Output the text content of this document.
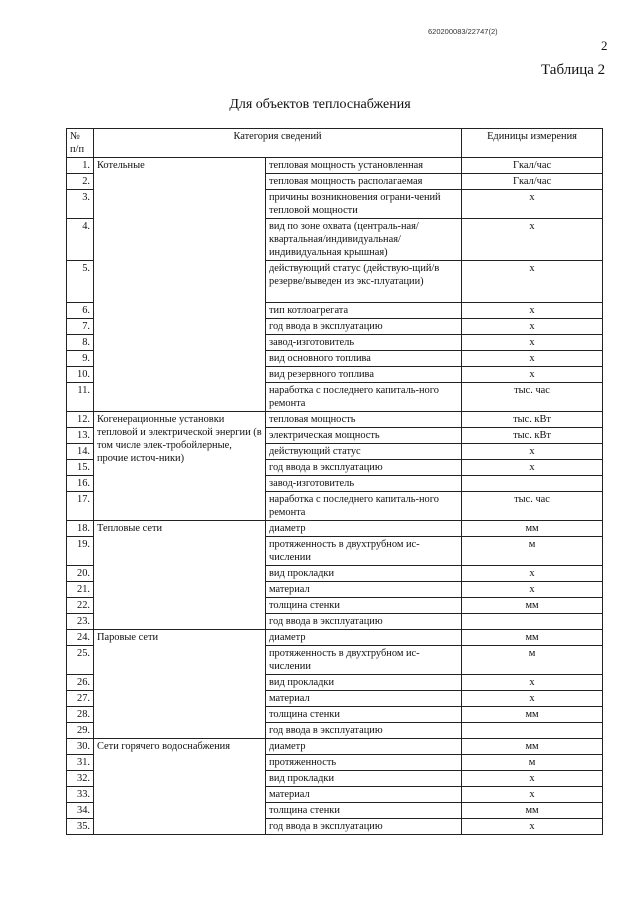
620200083/22747(2)
2
Таблица 2
Для объектов теплоснабжения
№ п/п	Категория сведений		Единицы измерения
1.	Котельные	тепловая мощность установленная	Гкал/час
2.		тепловая мощность располагаемая	Гкал/час
3.		причины возникновения ограни-чений тепловой мощности	х
4.		вид по зоне охвата (централь-ная/квартальная/индивидуальная/индивидуальная крышная)	х
5.		действующий статус (действую-щий/в резерве/выведен из экс-плуатации)	х
6.		тип котлоагрегата	х
7.		год ввода в эксплуатацию	х
8.		завод-изготовитель	х
9.		вид основного топлива	х
10.		вид резервного топлива	х
11.		наработка с последнего капиталь-ного ремонта	тыс. час
12.	Когенерационные установки тепловой и электрической энергии (в том числе элек-тробойлерные, прочие источ-ники)	тепловая мощность	тыс. кВт
13.		электрическая мощность	тыс. кВт
14.		действующий статус	х
15.		год ввода в эксплуатацию	х
16.		завод-изготовитель	
17.		наработка с последнего капиталь-ного ремонта	тыс. час
18.	Тепловые сети	диаметр	мм
19.		протяженность в двухтрубном ис-числении	м
20.		вид прокладки	х
21.		материал	х
22.		толщина стенки	мм
23.		год ввода в эксплуатацию	
24.	Паровые сети	диаметр	мм
25.		протяженность в двухтрубном ис-числении	м
26.		вид прокладки	х
27.		материал	х
28.		толщина стенки	мм
29.		год ввода в эксплуатацию	
30.	Сети горячего водоснабжения	диаметр	мм
31.		протяженность	м
32.		вид прокладки	х
33.		материал	х
34.		толщина стенки	мм
35.		год ввода в эксплуатацию	х
